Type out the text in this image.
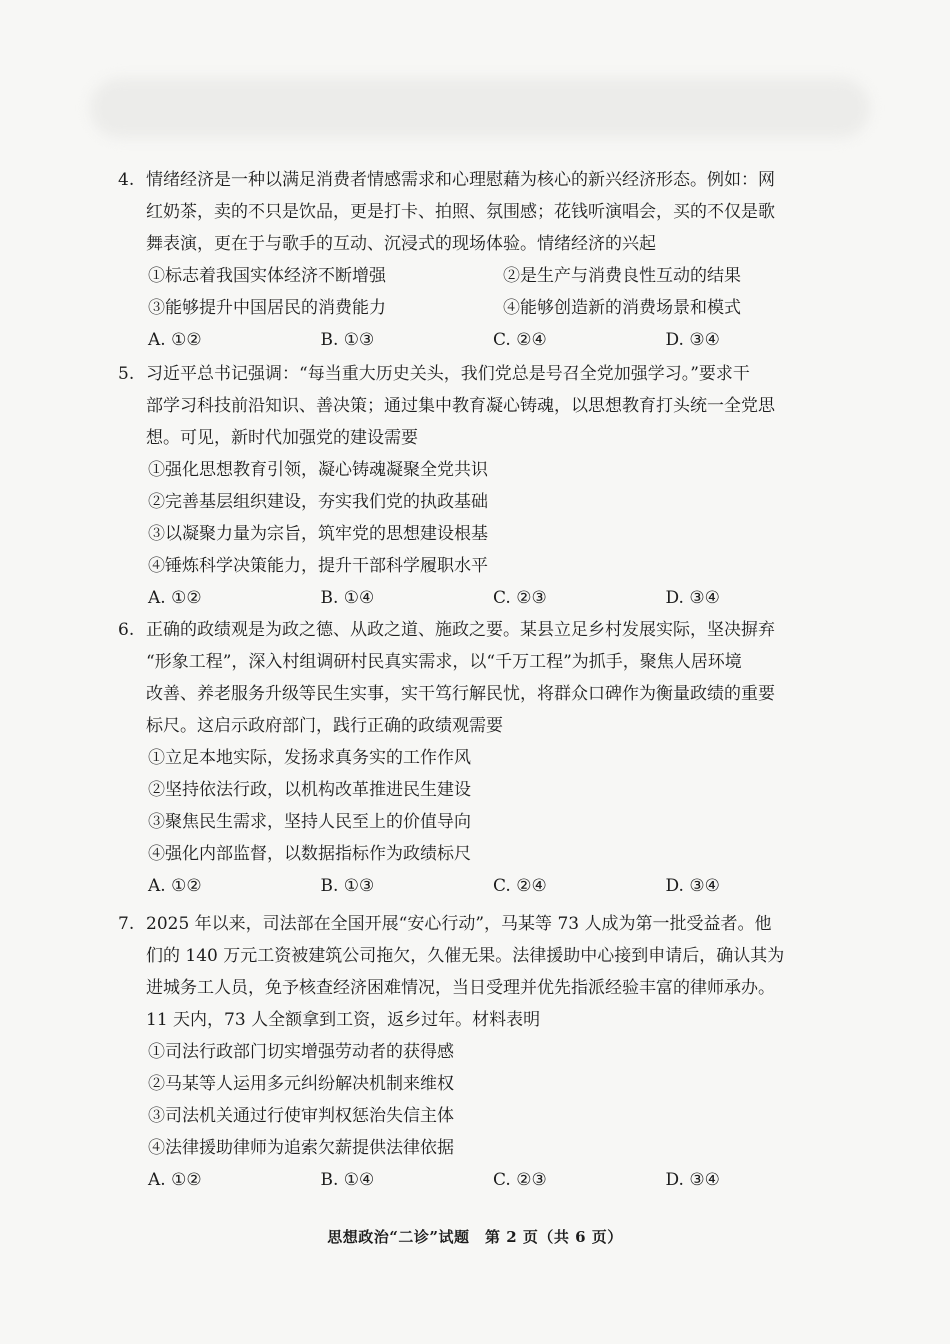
4. 情绪经济是一种以满足消费者情感需求和心理慰藉为核心的新兴经济形态。例如：网
红奶茶，卖的不只是饮品，更是打卡、拍照、氛围感；花钱听演唱会，买的不仅是歌
舞表演，更在于与歌手的互动、沉浸式的现场体验。情绪经济的兴起
①标志着我国实体经济不断增强	②是生产与消费良性互动的结果
③能够提升中国居民的消费能力	④能够创造新的消费场景和模式
A. ①②	B. ①③	C. ②④	D. ③④
5. 习近平总书记强调：“每当重大历史关头，我们党总是号召全党加强学习。”要求干
部学习科技前沿知识、善决策；通过集中教育凝心铸魂，以思想教育打头统一全党思
想。可见，新时代加强党的建设需要
①强化思想教育引领，凝心铸魂凝聚全党共识
②完善基层组织建设，夯实我们党的执政基础
③以凝聚力量为宗旨，筑牢党的思想建设根基
④锤炼科学决策能力，提升干部科学履职水平
A. ①②	B. ①④	C. ②③	D. ③④
6. 正确的政绩观是为政之德、从政之道、施政之要。某县立足乡村发展实际，坚决摒弃
“形象工程”，深入村组调研村民真实需求，以“千万工程”为抓手，聚焦人居环境
改善、养老服务升级等民生实事，实干笃行解民忧，将群众口碑作为衡量政绩的重要
标尺。这启示政府部门，践行正确的政绩观需要
①立足本地实际，发扬求真务实的工作作风
②坚持依法行政，以机构改革推进民生建设
③聚焦民生需求，坚持人民至上的价值导向
④强化内部监督，以数据指标作为政绩标尺
A. ①②	B. ①③	C. ②④	D. ③④
7. 2025 年以来，司法部在全国开展“安心行动”，马某等 73 人成为第一批受益者。他
们的 140 万元工资被建筑公司拖欠，久催无果。法律援助中心接到申请后，确认其为
进城务工人员，免予核查经济困难情况，当日受理并优先指派经验丰富的律师承办。
11 天内，73 人全额拿到工资，返乡过年。材料表明
①司法行政部门切实增强劳动者的获得感
②马某等人运用多元纠纷解决机制来维权
③司法机关通过行使审判权惩治失信主体
④法律援助律师为追索欠薪提供法律依据
A. ①②	B. ①④	C. ②③	D. ③④
思想政治“二诊”试题　第 2 页（共 6 页）
